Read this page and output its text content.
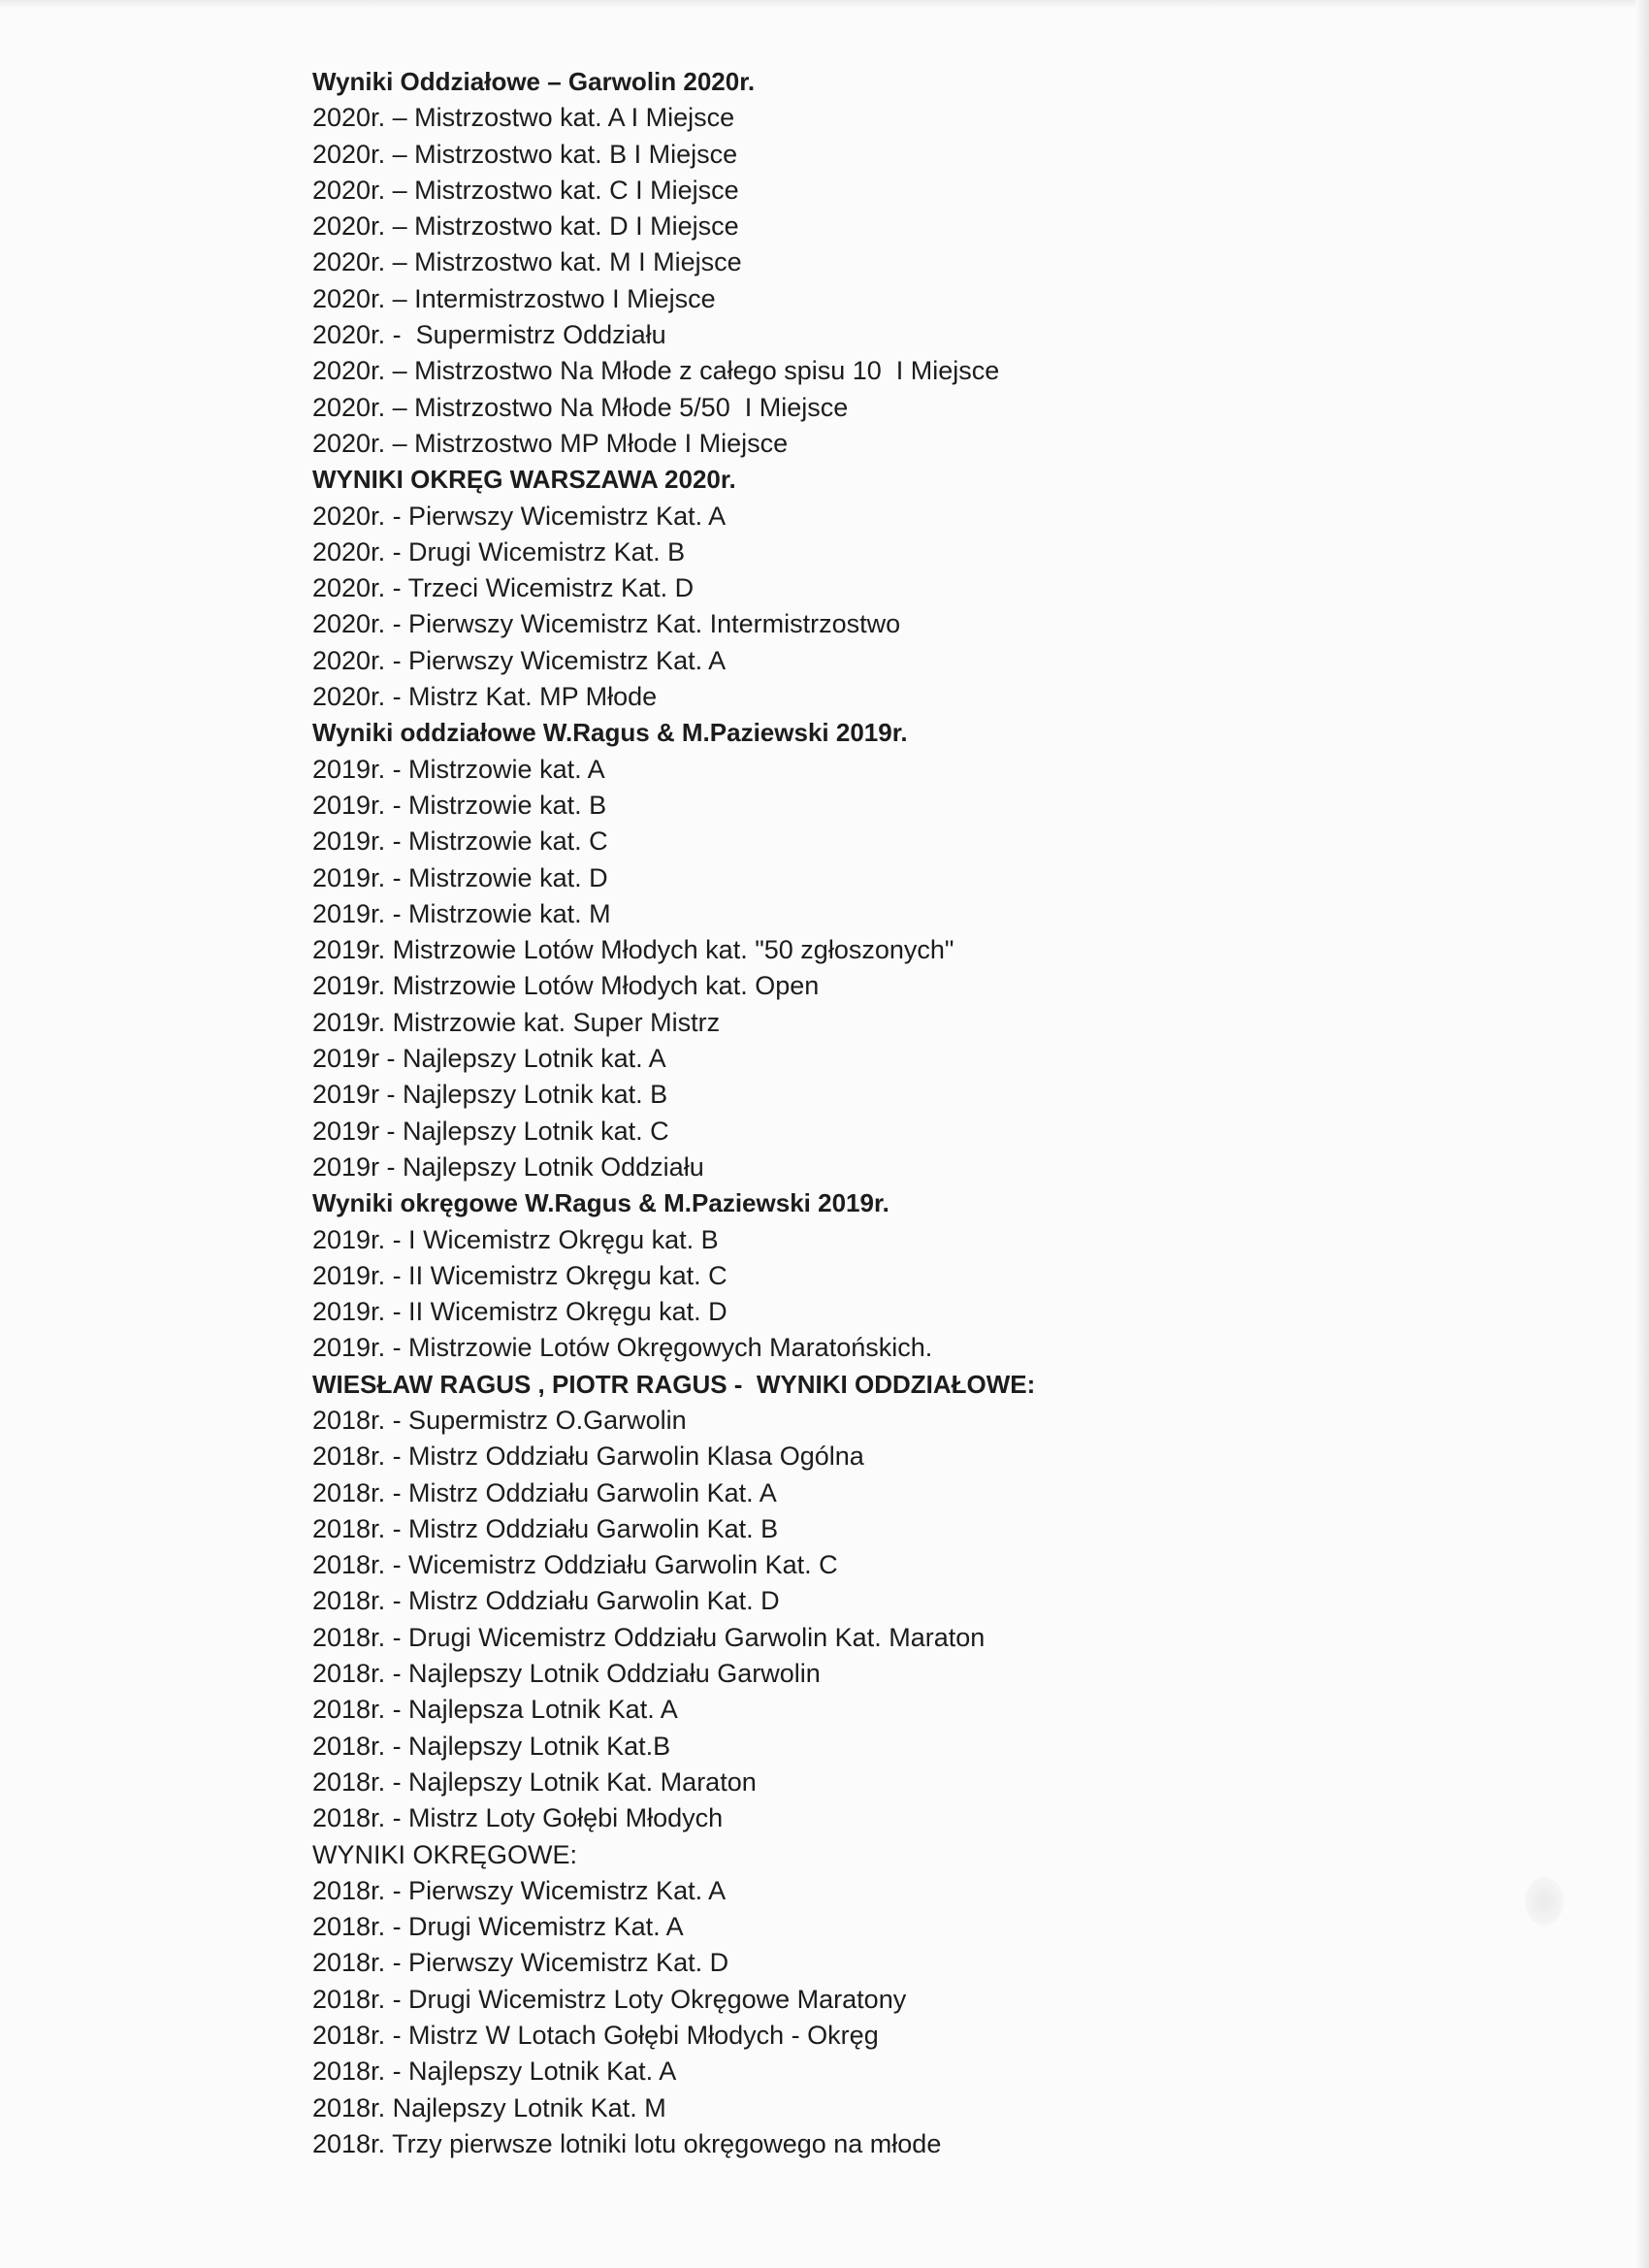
Wyniki Oddziałowe – Garwolin 2020r.
2020r. – Mistrzostwo kat. A I Miejsce
2020r. – Mistrzostwo kat. B I Miejsce
2020r. – Mistrzostwo kat. C I Miejsce
2020r. – Mistrzostwo kat. D I Miejsce
2020r. – Mistrzostwo kat. M I Miejsce
2020r. – Intermistrzostwo I Miejsce
2020r. -  Supermistrz Oddziału
2020r. – Mistrzostwo Na Młode z całego spisu 10  I Miejsce
2020r. – Mistrzostwo Na Młode 5/50  I Miejsce
2020r. – Mistrzostwo MP Młode I Miejsce
WYNIKI OKRĘG WARSZAWA 2020r.
2020r. - Pierwszy Wicemistrz Kat. A
2020r. - Drugi Wicemistrz Kat. B
2020r. - Trzeci Wicemistrz Kat. D
2020r. - Pierwszy Wicemistrz Kat. Intermistrzostwo
2020r. - Pierwszy Wicemistrz Kat. A
2020r. - Mistrz Kat. MP Młode
Wyniki oddziałowe W.Ragus & M.Paziewski 2019r.
2019r. - Mistrzowie kat. A
2019r. - Mistrzowie kat. B
2019r. - Mistrzowie kat. C
2019r. - Mistrzowie kat. D
2019r. - Mistrzowie kat. M
2019r. Mistrzowie Lotów Młodych kat. "50 zgłoszonych"
2019r. Mistrzowie Lotów Młodych kat. Open
2019r. Mistrzowie kat. Super Mistrz
2019r - Najlepszy Lotnik kat. A
2019r - Najlepszy Lotnik kat. B
2019r - Najlepszy Lotnik kat. C
2019r - Najlepszy Lotnik Oddziału
Wyniki okręgowe W.Ragus & M.Paziewski 2019r.
2019r. - I Wicemistrz Okręgu kat. B
2019r. - II Wicemistrz Okręgu kat. C
2019r. - II Wicemistrz Okręgu kat. D
2019r. - Mistrzowie Lotów Okręgowych Maratońskich.
WIESŁAW RAGUS , PIOTR RAGUS -  WYNIKI ODDZIAŁOWE:
2018r. - Supermistrz O.Garwolin
2018r. - Mistrz Oddziału Garwolin Klasa Ogólna
2018r. - Mistrz Oddziału Garwolin Kat. A
2018r. - Mistrz Oddziału Garwolin Kat. B
2018r. - Wicemistrz Oddziału Garwolin Kat. C
2018r. - Mistrz Oddziału Garwolin Kat. D
2018r. - Drugi Wicemistrz Oddziału Garwolin Kat. Maraton
2018r. - Najlepszy Lotnik Oddziału Garwolin
2018r. - Najlepsza Lotnik Kat. A
2018r. - Najlepszy Lotnik Kat.B
2018r. - Najlepszy Lotnik Kat. Maraton
2018r. - Mistrz Loty Gołębi Młodych
WYNIKI OKRĘGOWE:
2018r. - Pierwszy Wicemistrz Kat. A
2018r. - Drugi Wicemistrz Kat. A
2018r. - Pierwszy Wicemistrz Kat. D
2018r. - Drugi Wicemistrz Loty Okręgowe Maratony
2018r. - Mistrz W Lotach Gołębi Młodych - Okręg
2018r. - Najlepszy Lotnik Kat. A
2018r. Najlepszy Lotnik Kat. M
2018r. Trzy pierwsze lotniki lotu okręgowego na młode
